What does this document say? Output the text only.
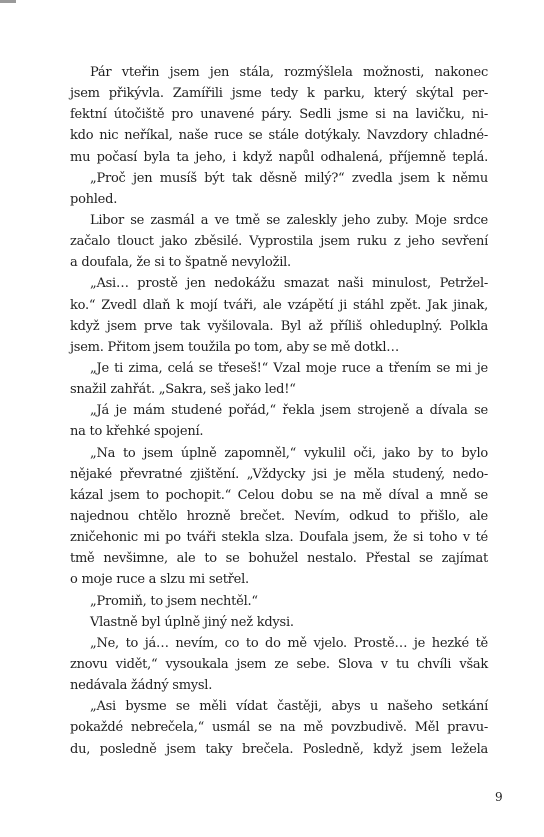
Pár vteřin jsem jen stála, rozmýšlela možnosti, nakonec
jsem přikývla. Zamířili jsme tedy k parku, který skýtal per-
fektní útočiště pro unavené páry. Sedli jsme si na lavičku, ni-
kdo nic neříkal, naše ruce se stále dotýkaly. Navzdory chladné-
mu počasí byla ta jeho, i když napůl odhalená, příjemně teplá.
„Proč jen musíš být tak děsně milý?“ zvedla jsem k němu
pohled.
Libor se zasmál a ve tmě se zaleskly jeho zuby. Moje srdce
začalo tlouct jako zběsilé. Vyprostila jsem ruku z jeho sevření
a doufala, že si to špatně nevyložil.
„Asi… prostě jen nedokážu smazat naši minulost, Petržel-
ko.“ Zvedl dlaň k mojí tváři, ale vzápětí ji stáhl zpět. Jak jinak,
když jsem prve tak vyšilovala. Byl až příliš ohleduplný. Polkla
jsem. Přitom jsem toužila po tom, aby se mě dotkl…
„Je ti zima, celá se třeseš!“ Vzal moje ruce a třením se mi je
snažil zahřát. „Sakra, seš jako led!“
„Já je mám studené pořád,“ řekla jsem strojeně a dívala se
na to křehké spojení.
„Na to jsem úplně zapomněl,“ vykulil oči, jako by to bylo
nějaké převratné zjištění. „Vždycky jsi je měla studený, nedo-
kázal jsem to pochopit.“ Celou dobu se na mě díval a mně se
najednou chtělo hrozně brečet. Nevím, odkud to přišlo, ale
zničehonic mi po tváři stekla slza. Doufala jsem, že si toho v té
tmě nevšimne, ale to se bohužel nestalo. Přestal se zajímat
o moje ruce a slzu mi setřel.
„Promiň, to jsem nechtěl.“
Vlastně byl úplně jiný než kdysi.
„Ne, to já… nevím, co to do mě vjelo. Prostě… je hezké tě
znovu vidět,“ vysoukala jsem ze sebe. Slova v tu chvíli však
nedávala žádný smysl.
„Asi bysme se měli vídat častěji, abys u našeho setkání
pokaždé nebrečela,“ usmál se na mě povzbudivě. Měl pravu-
du, posledně jsem taky brečela. Posledně, když jsem ležela
9
